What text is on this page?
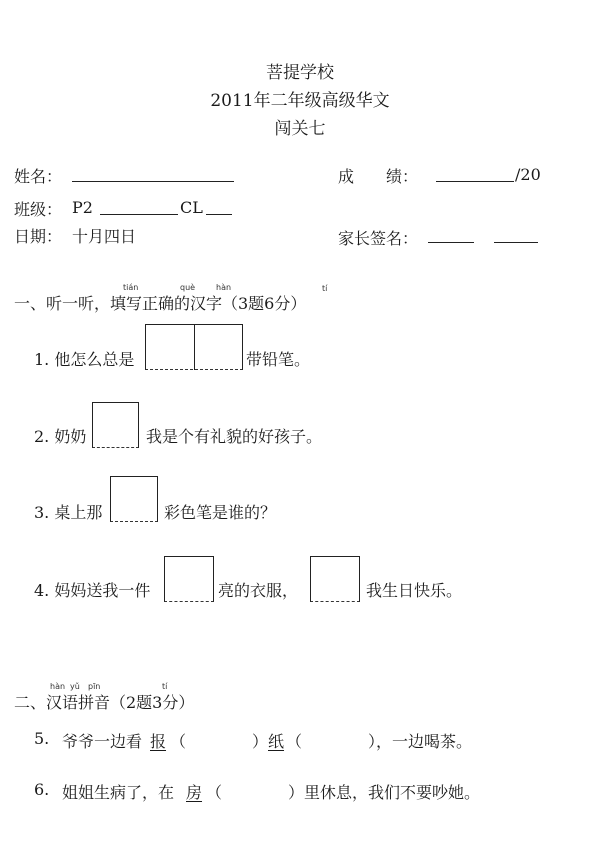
菩提学校
2011年二年级高级华文
闯关七
姓名：	成　　绩：	/20
班级： P2	CL
日期： 十月四日	家长签名：
tián	què	hàn	tí
一、听一听，填写正确的汉字（3题6分）
1. 他怎么总是	带铅笔。
2. 奶奶	我是个有礼貌的好孩子。
3. 桌上那	彩色笔是谁的？
4. 妈妈送我一件	亮的衣服，	我生日快乐。
hàn yǔ pīn	tí
二、汉语拼音（2题3分）
5. 爷爷一边看 报 （	） 纸 （	），一边喝茶。
6. 姐姐生病了，在 房 （	）里休息，我们不要吵她。
